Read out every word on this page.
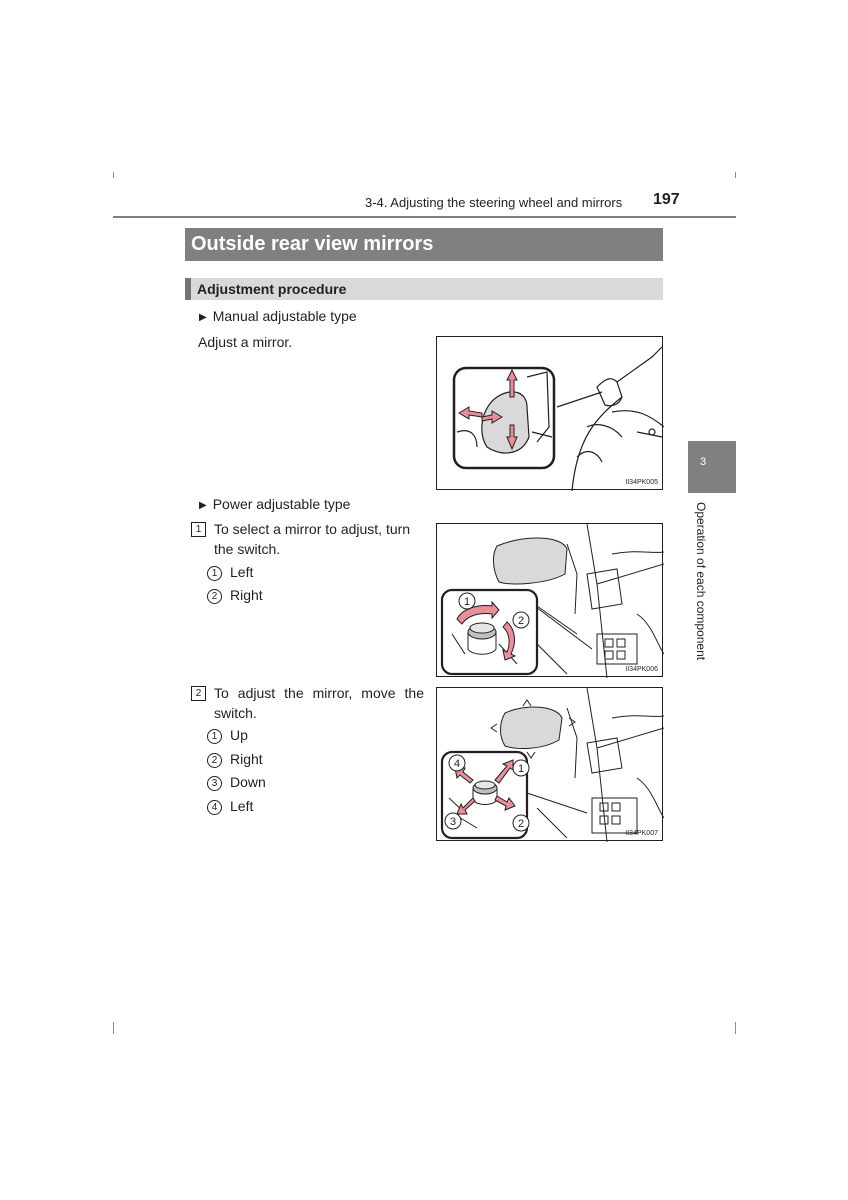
3-4. Adjusting the steering wheel and mirrors 197
Outside rear view mirrors
Adjustment procedure
▶ Manual adjustable type
Adjust a mirror.
II34PK005
▶ Power adjustable type
1 To select a mirror to adjust, turn
the switch.
1 Left
2 Right	1
2
II34PK006
2 To adjust the mirror, move the
switch.
1 Up
2 Right
3 Down
4 Left
4	1
3	2
II34PK007
3
Operation of each component
